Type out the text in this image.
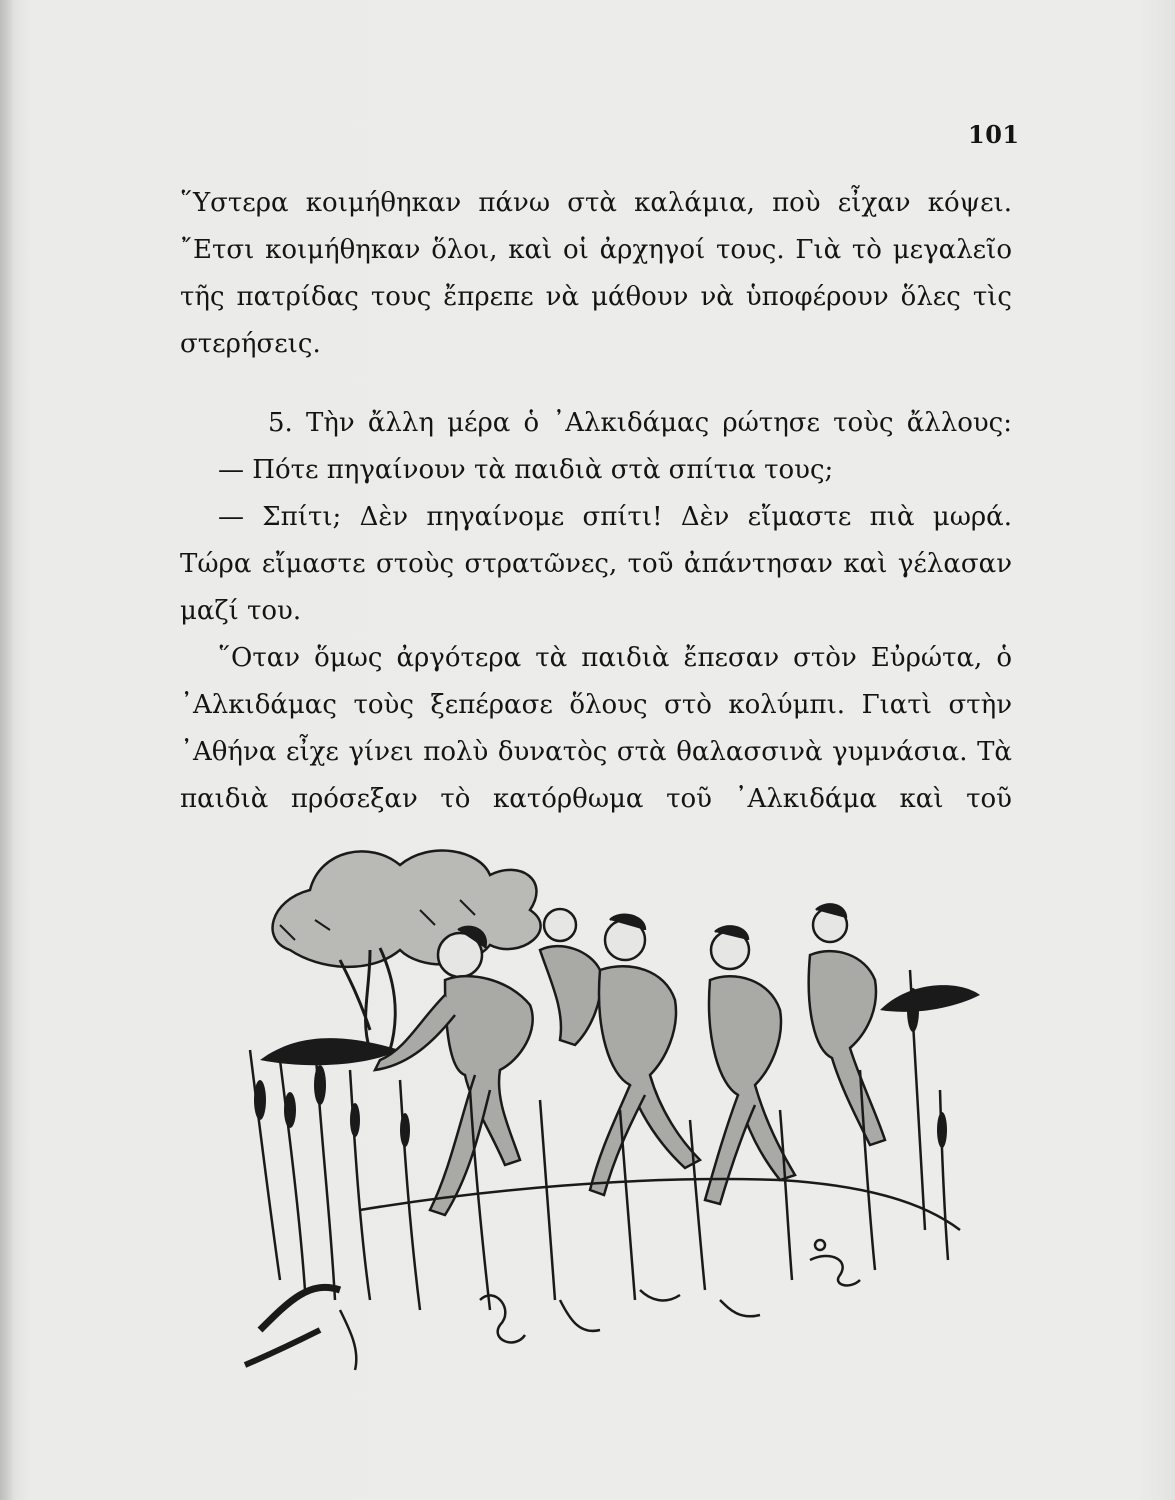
101
῞Υστερα κοιμήθηκαν πάνω στὰ καλάμια, ποὺ εἶχαν κόψει.
῎Ετσι κοιμήθηκαν ὅλοι, καὶ οἱ ἀρχηγοί τους. Γιὰ τὸ μεγαλεῖο
τῆς πατρίδας τους ἔπρεπε νὰ μάθουν νὰ ὑποφέρουν ὅλες τὶς
στερήσεις.
5. Τὴν ἄλλη μέρα ὁ ᾿Αλκιδάμας ρώτησε τοὺς ἄλλους:
— Πότε πηγαίνουν τὰ παιδιὰ στὰ σπίτια τους;
— Σπίτι; Δὲν πηγαίνομε σπίτι! Δὲν εἴμαστε πιὰ μωρά.
Τώρα εἴμαστε στοὺς στρατῶνες, τοῦ ἀπάντησαν καὶ γέλασαν
μαζί του.
῞Οταν ὅμως ἀργότερα τὰ παιδιὰ ἔπεσαν στὸν Εὐρώτα, ὁ
᾿Αλκιδάμας τοὺς ξεπέρασε ὅλους στὸ κολύμπι. Γιατὶ στὴν
᾿Αθήνα εἶχε γίνει πολὺ δυνατὸς στὰ θαλασσινὰ γυμνάσια. Τὰ
παιδιὰ πρόσεξαν τὸ κατόρθωμα τοῦ ᾿Αλκιδάμα καὶ τοῦ
